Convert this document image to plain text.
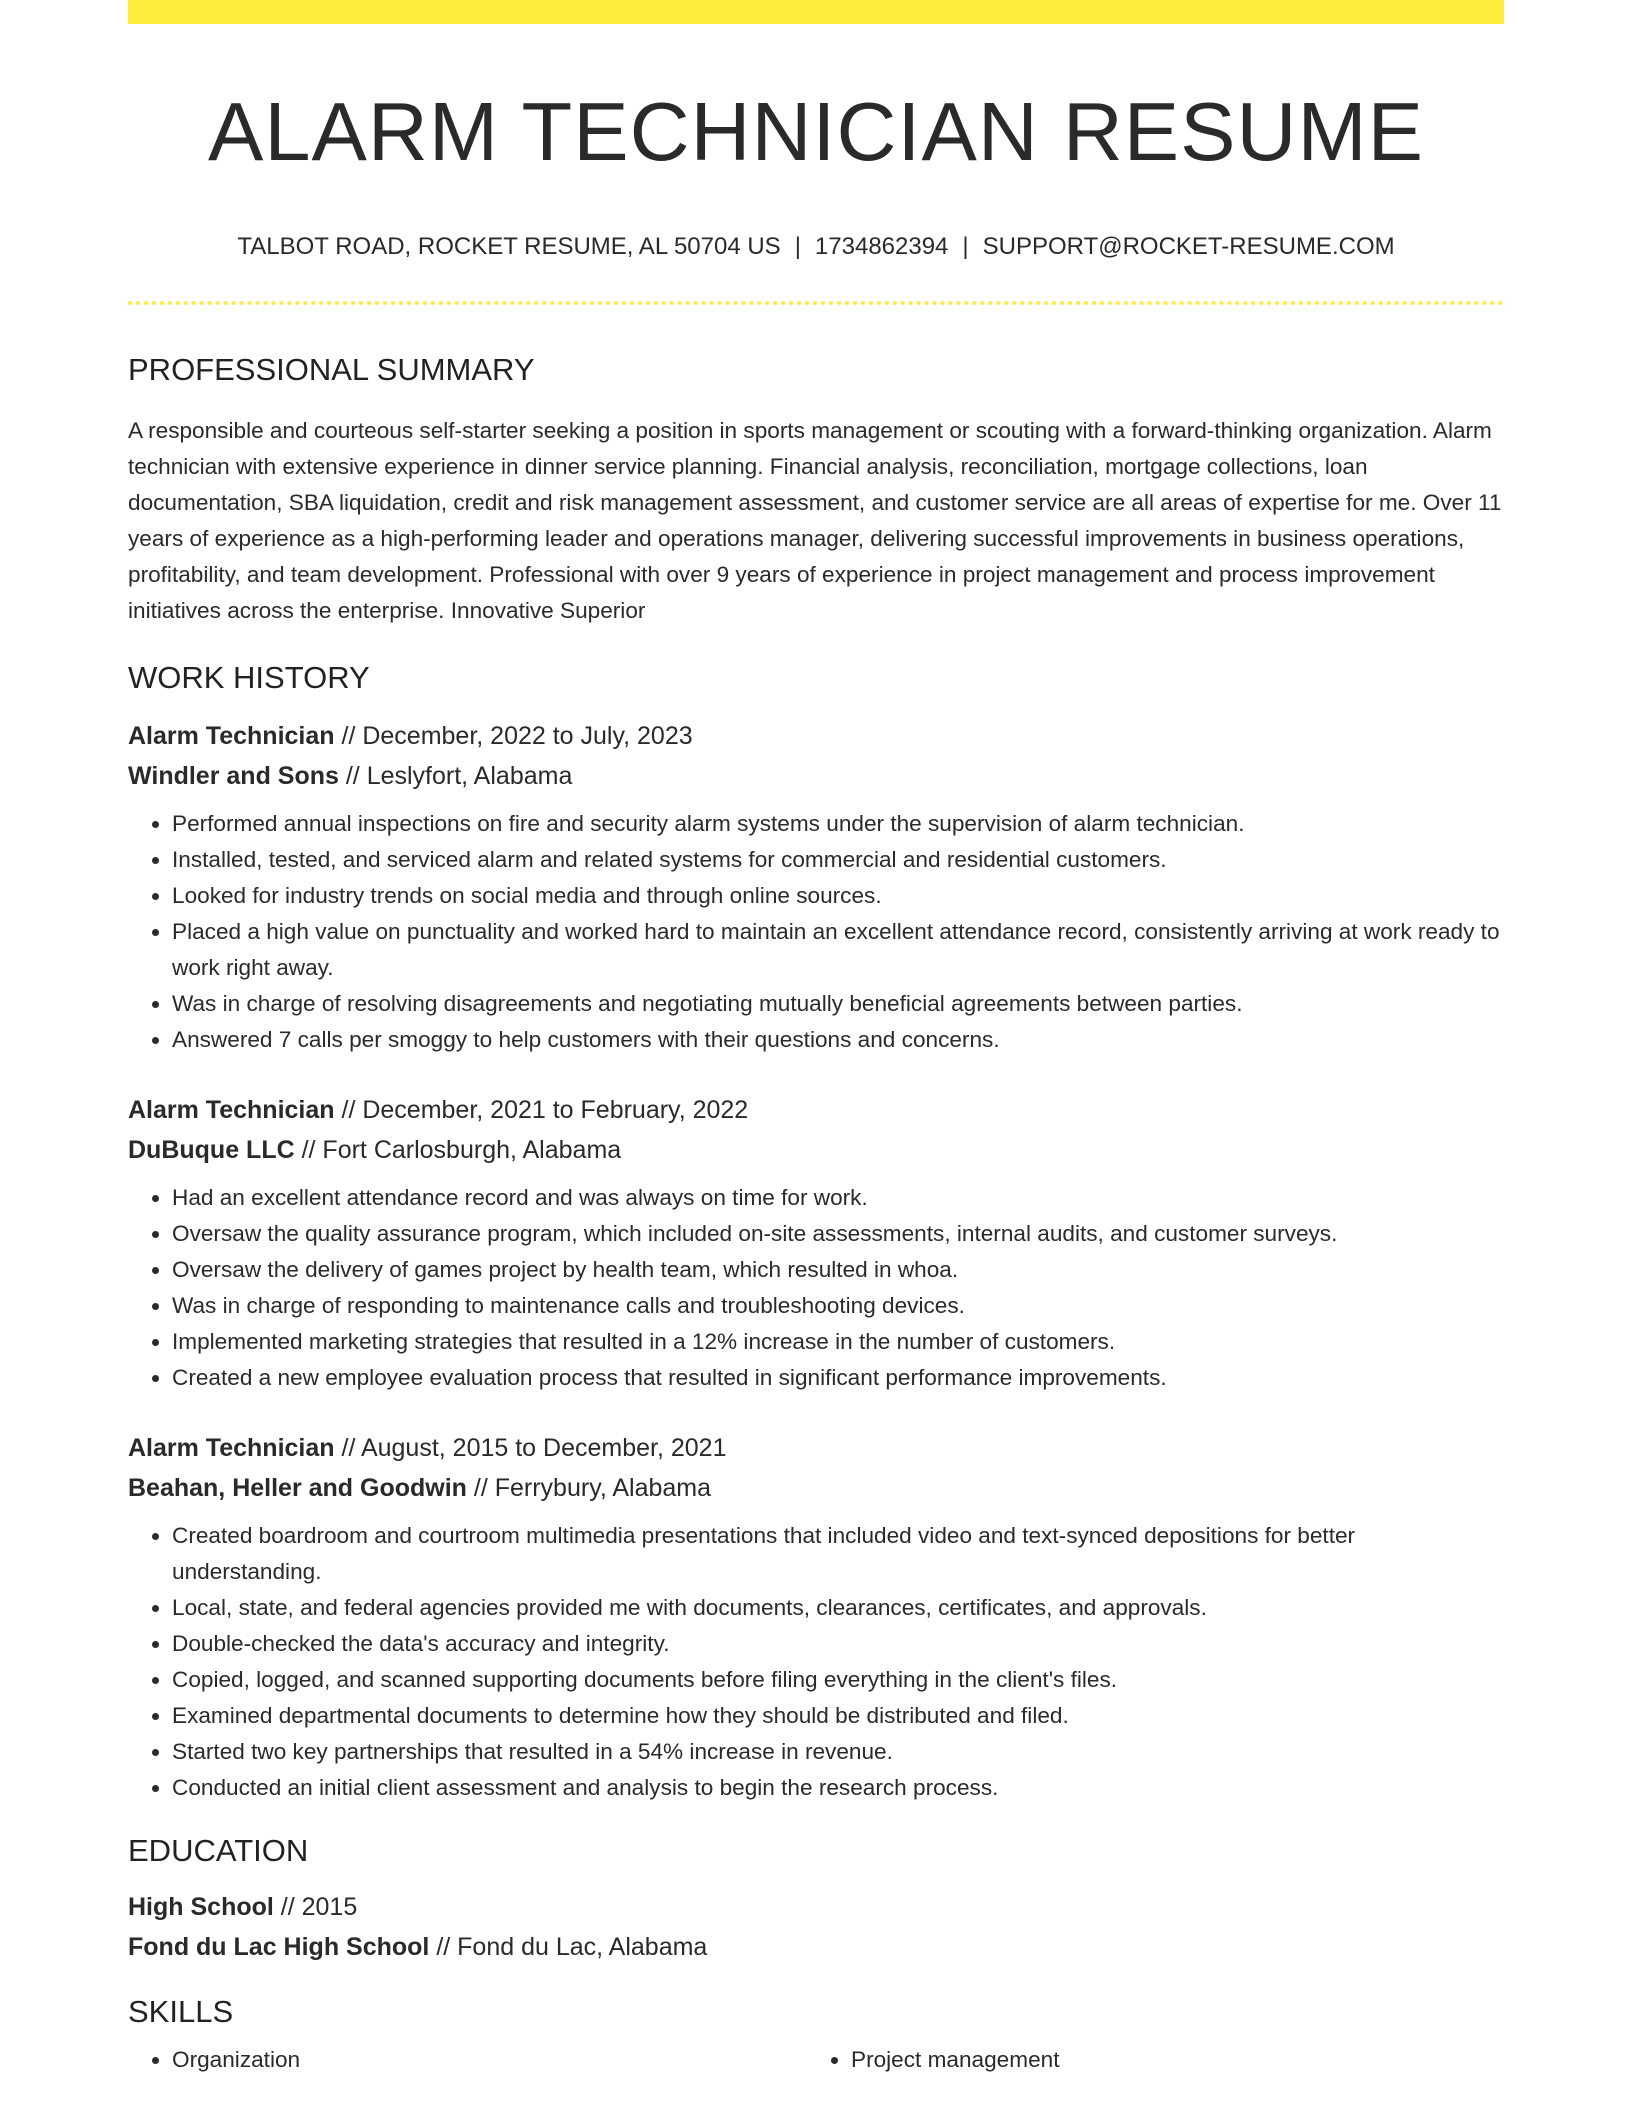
ALARM TECHNICIAN RESUME
TALBOT ROAD, ROCKET RESUME, AL 50704 US | 1734862394 | SUPPORT@ROCKET-RESUME.COM
PROFESSIONAL SUMMARY
A responsible and courteous self-starter seeking a position in sports management or scouting with a forward-thinking organization. Alarm technician with extensive experience in dinner service planning. Financial analysis, reconciliation, mortgage collections, loan documentation, SBA liquidation, credit and risk management assessment, and customer service are all areas of expertise for me. Over 11 years of experience as a high-performing leader and operations manager, delivering successful improvements in business operations, profitability, and team development. Professional with over 9 years of experience in project management and process improvement initiatives across the enterprise. Innovative Superior
WORK HISTORY
Alarm Technician // December, 2022 to July, 2023
Windler and Sons // Leslyfort, Alabama
• Performed annual inspections on fire and security alarm systems under the supervision of alarm technician.
• Installed, tested, and serviced alarm and related systems for commercial and residential customers.
• Looked for industry trends on social media and through online sources.
• Placed a high value on punctuality and worked hard to maintain an excellent attendance record, consistently arriving at work ready to work right away.
• Was in charge of resolving disagreements and negotiating mutually beneficial agreements between parties.
• Answered 7 calls per smoggy to help customers with their questions and concerns.
Alarm Technician // December, 2021 to February, 2022
DuBuque LLC // Fort Carlosburgh, Alabama
• Had an excellent attendance record and was always on time for work.
• Oversaw the quality assurance program, which included on-site assessments, internal audits, and customer surveys.
• Oversaw the delivery of games project by health team, which resulted in whoa.
• Was in charge of responding to maintenance calls and troubleshooting devices.
• Implemented marketing strategies that resulted in a 12% increase in the number of customers.
• Created a new employee evaluation process that resulted in significant performance improvements.
Alarm Technician // August, 2015 to December, 2021
Beahan, Heller and Goodwin // Ferrybury, Alabama
• Created boardroom and courtroom multimedia presentations that included video and text-synced depositions for better understanding.
• Local, state, and federal agencies provided me with documents, clearances, certificates, and approvals.
• Double-checked the data's accuracy and integrity.
• Copied, logged, and scanned supporting documents before filing everything in the client's files.
• Examined departmental documents to determine how they should be distributed and filed.
• Started two key partnerships that resulted in a 54% increase in revenue.
• Conducted an initial client assessment and analysis to begin the research process.
EDUCATION
High School // 2015
Fond du Lac High School // Fond du Lac, Alabama
SKILLS
• Organization
•	Project management
